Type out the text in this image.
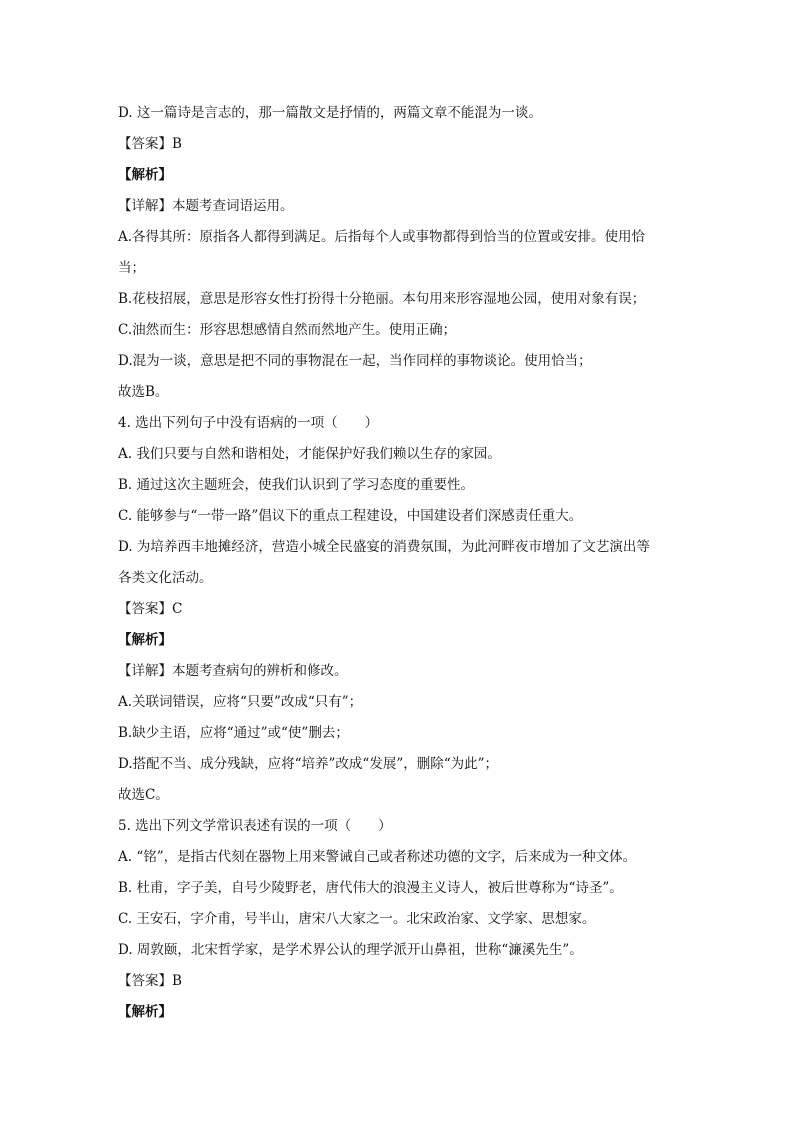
D. 这一篇诗是言志的，那一篇散文是抒情的，两篇文章不能混为一谈。
【答案】B
【解析】
【详解】本题考查词语运用。
A.各得其所：原指各人都得到满足。后指每个人或事物都得到恰当的位置或安排。使用恰
当；
B.花枝招展，意思是形容女性打扮得十分艳丽。本句用来形容湿地公园，使用对象有误；
C.油然而生：形容思想感情自然而然地产生。使用正确；
D.混为一谈，意思是把不同的事物混在一起，当作同样的事物谈论。使用恰当；
故选B。
4. 选出下列句子中没有语病的一项（　　）
A. 我们只要与自然和谐相处，才能保护好我们赖以生存的家园。
B. 通过这次主题班会，使我们认识到了学习态度的重要性。
C. 能够参与“一带一路”倡议下的重点工程建设，中国建设者们深感责任重大。
D. 为培养西丰地摊经济，营造小城全民盛宴的消费氛围，为此河畔夜市增加了文艺演出等
各类文化活动。
【答案】C
【解析】
【详解】本题考查病句的辨析和修改。
A.关联词错误，应将“只要”改成“只有”；
B.缺少主语，应将“通过”或“使”删去；
D.搭配不当、成分残缺，应将“培养”改成“发展”，删除“为此”；
故选C。
5. 选出下列文学常识表述有误的一项（　　）
A. “铭”，是指古代刻在器物上用来警诫自己或者称述功德的文字，后来成为一种文体。
B. 杜甫，字子美，自号少陵野老，唐代伟大的浪漫主义诗人，被后世尊称为“诗圣”。
C. 王安石，字介甫，号半山，唐宋八大家之一。北宋政治家、文学家、思想家。
D. 周敦颐，北宋哲学家，是学术界公认的理学派开山鼻祖，世称“濂溪先生”。
【答案】B
【解析】
